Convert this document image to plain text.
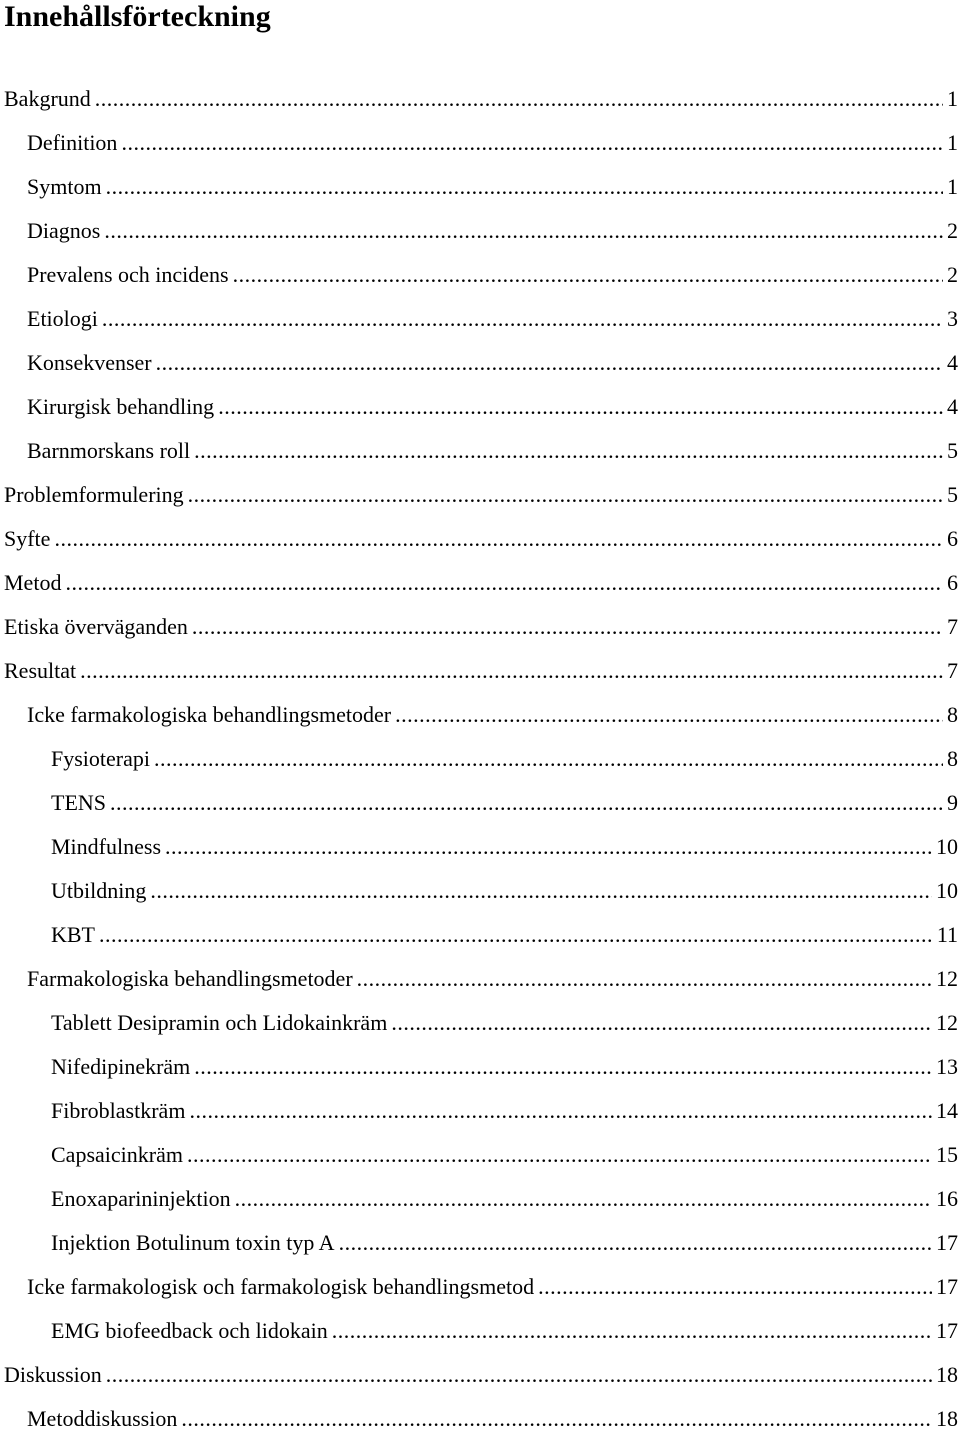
Innehållsförteckning
Bakgrund .....	1
Definition .....	1
Symtom .....	1
Diagnos .....	2
Prevalens och incidens .....	2
Etiologi .....	3
Konsekvenser .....	4
Kirurgisk behandling .....	4
Barnmorskans roll .....	5
Problemformulering .....	5
Syfte .....	6
Metod .....	6
Etiska överväganden .....	7
Resultat .....	7
Icke farmakologiska behandlingsmetoder .....	8
Fysioterapi .....	8
TENS .....	9
Mindfulness .....	10
Utbildning .....	10
KBT .....	11
Farmakologiska behandlingsmetoder .....	12
Tablett Desipramin och Lidokainkräm .....	12
Nifedipinekräm .....	13
Fibroblastkräm .....	14
Capsaicinkräm .....	15
Enoxaparininjektion .....	16
Injektion Botulinum toxin typ A .....	17
Icke farmakologisk och farmakologisk behandlingsmetod .....	17
EMG biofeedback och lidokain .....	17
Diskussion .....	18
Metoddiskussion .....	18
